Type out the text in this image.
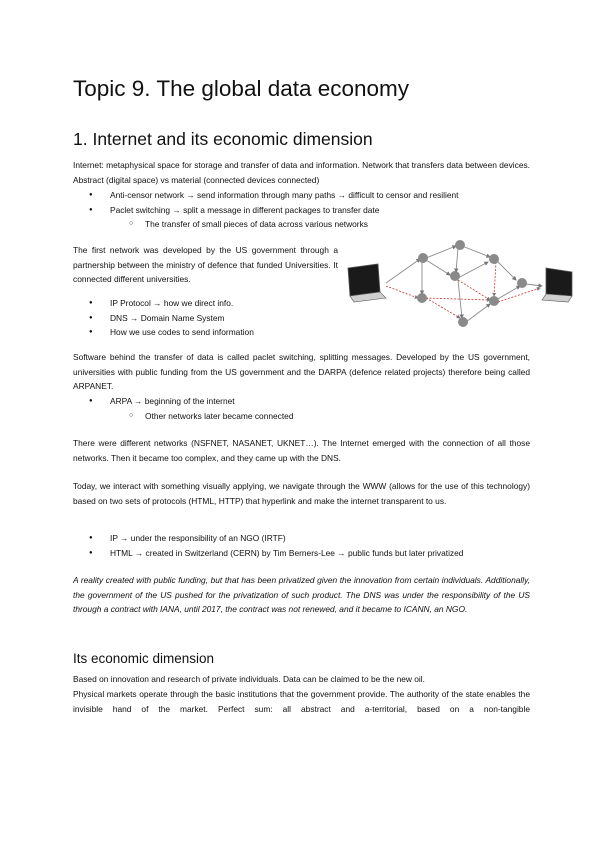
Topic 9. The global data economy
1. Internet and its economic dimension

Internet: metaphysical space for storage and transfer of data and information. Network that transfers data between devices. Abstract (digital space) vs material (connected devices connected)

● Anti-censor network → send information through many paths → difficult to censor and resilient
● Paclet switching → split a message in different packages to transfer date
○ The transfer of small pieces of data across various networks

The first network was developed by the US government through a partnership between the ministry of defence that funded Universities. It connected different universities.

● IP Protocol → how we direct info.
● DNS → Domain Name System
● How we use codes to send information

Software behind the transfer of data is called paclet switching, splitting messages. Developed by the US government, universities with public funding from the US government and the DARPA (defence related projects) therefore being called ARPANET.

● ARPA → beginning of the internet
○ Other networks later became connected

There were different networks (NSFNET, NASANET, UKNET…). The Internet emerged with the connection of all those networks. Then it became too complex, and they came up with the DNS.

Today, we interact with something visually applying, we navigate through the WWW (allows for the use of this technology) based on two sets of protocols (HTML, HTTP) that hyperlink and make the internet transparent to us.

● IP → under the responsibility of an NGO (IRTF)
● HTML → created in Switzerland (CERN) by Tim Berners-Lee → public funds but later privatized

A reality created with public funding, but that has been privatized given the innovation from certain individuals. Additionally, the government of the US pushed for the privatization of such product. The DNS was under the responsibility of the US through a contract with IANA, until 2017, the contract was not renewed, and it became to ICANN, an NGO.

Its economic dimension

Based on innovation and research of private individuals. Data can be claimed to be the new oil.

Physical markets operate through the basic institutions that the government provide. The authority of the state enables the invisible hand of the market. Perfect sum: all abstract and a-territorial, based on a non-tangible
